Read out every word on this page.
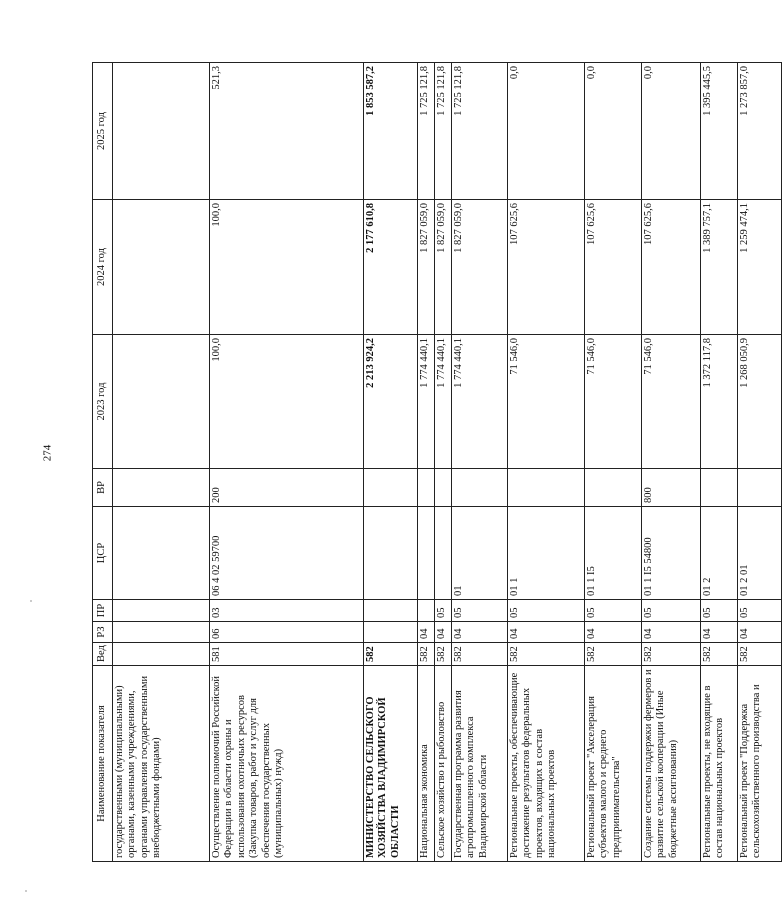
274
Наименование показателя	Вед	РЗ	ПР	ЦСР	ВР	2023 год	2024 год	2025 год
государственными (муниципальными) органами, казенными учреждениями, органами управления государственными внебюджетными фондами)								
Осуществление полномочий Российской Федерации в области охраны и использования охотничьих ресурсов (Закупка товаров, работ и услуг для обеспечения государственных (муниципальных) нужд)	581	06	03	06 4 02 59700	200	100,0	100,0	521,3
МИНИСТЕРСТВО СЕЛЬСКОГО ХОЗЯЙСТВА ВЛАДИМИРСКОЙ ОБЛАСТИ	582					2 213 924,2	2 177 610,8	1 853 587,2
Национальная экономика	582	04				1 774 440,1	1 827 059,0	1 725 121,8
Сельское хозяйство и рыболовство	582	04	05			1 774 440,1	1 827 059,0	1 725 121,8
Государственная программа развития агропромышленного комплекса Владимирской области	582	04	05	01		1 774 440,1	1 827 059,0	1 725 121,8
Региональные проекты, обеспечивающие достижение результатов федеральных проектов, входящих в состав национальных проектов	582	04	05	01 1		71 546,0	107 625,6	0,0
Региональный проект "Акселерация субъектов малого и среднего предпринимательства"	582	04	05	01 1 I5		71 546,0	107 625,6	0,0
Создание системы поддержки фермеров и развитие сельской кооперации (Иные бюджетные ассигнования)	582	04	05	01 1 I5 54800	800	71 546,0	107 625,6	0,0
Региональные проекты, не входящие в состав национальных проектов	582	04	05	01 2		1 372 117,8	1 389 757,1	1 395 445,5
Региональный проект "Поддержка сельскохозяйственного производства и	582	04	05	01 2 01		1 268 050,9	1 259 474,1	1 273 857,0
